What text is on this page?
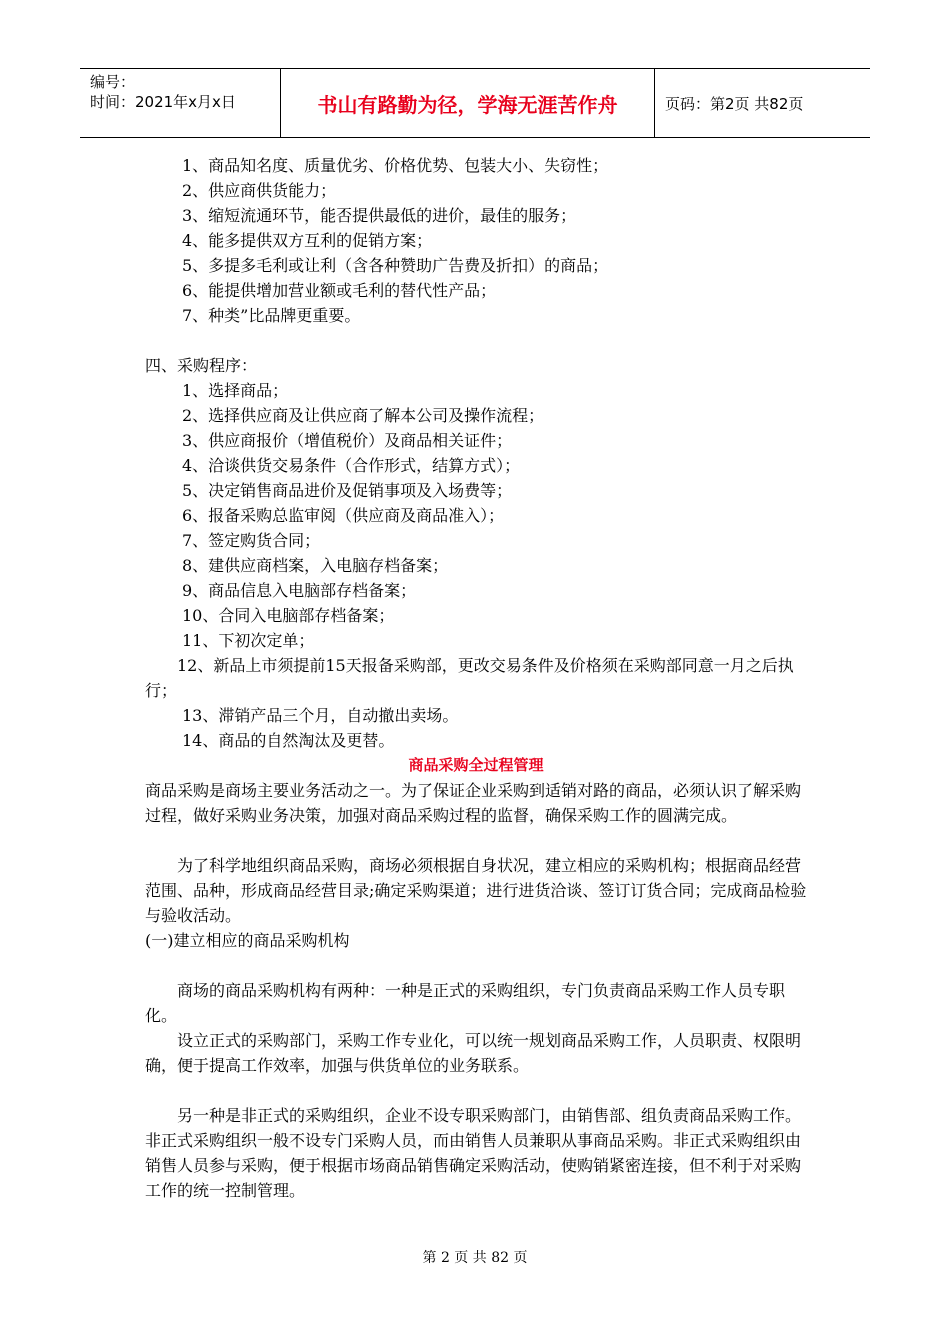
编号：
时间：2021年x月x日	书山有路勤为径，学海无涯苦作舟	页码：第2页 共82页

1、商品知名度、质量优劣、价格优势、包装大小、失窃性；

2、供应商供货能力；

3、缩短流通环节，能否提供最低的进价，最佳的服务；

4、能多提供双方互利的促销方案；

5、多提多毛利或让利（含各种赞助广告费及折扣）的商品；

6、能提供增加营业额或毛利的替代性产品；

7、种类”比品牌更重要。

四、采购程序：

1、选择商品；

2、选择供应商及让供应商了解本公司及操作流程；

3、供应商报价（增值税价）及商品相关证件；

4、洽谈供货交易条件（合作形式，结算方式）；

5、决定销售商品进价及促销事项及入场费等；

6、报备采购总监审阅（供应商及商品准入）；

7、签定购货合同；

8、建供应商档案，入电脑存档备案；

9、商品信息入电脑部存档备案；

10、合同入电脑部存档备案；

11、下初次定单；

12、新品上市须提前15天报备采购部，更改交易条件及价格须在采购部同意一月之后执行；

13、滞销产品三个月，自动撤出卖场。

14、商品的自然淘汰及更替。

商品采购全过程管理

商品采购是商场主要业务活动之一。为了保证企业采购到适销对路的商品，必须认识了解采购过程，做好采购业务决策，加强对商品采购过程的监督，确保采购工作的圆满完成。

为了科学地组织商品采购，商场必须根据自身状况，建立相应的采购机构；根据商品经营范围、品种，形成商品经营目录;确定采购渠道；进行进货洽谈、签订订货合同；完成商品检验与验收活动。

(一)建立相应的商品采购机构

商场的商品采购机构有两种：一种是正式的采购组织，专门负责商品采购工作人员专职化。

设立正式的采购部门，采购工作专业化，可以统一规划商品采购工作，人员职责、权限明确，便于提高工作效率，加强与供货单位的业务联系。

另一种是非正式的采购组织，企业不设专职采购部门，由销售部、组负责商品采购工作。非正式采购组织一般不设专门采购人员，而由销售人员兼职从事商品采购。非正式采购组织由销售人员参与采购，便于根据市场商品销售确定采购活动，使购销紧密连接，但不利于对采购工作的统一控制管理。

第 2 页 共 82 页
